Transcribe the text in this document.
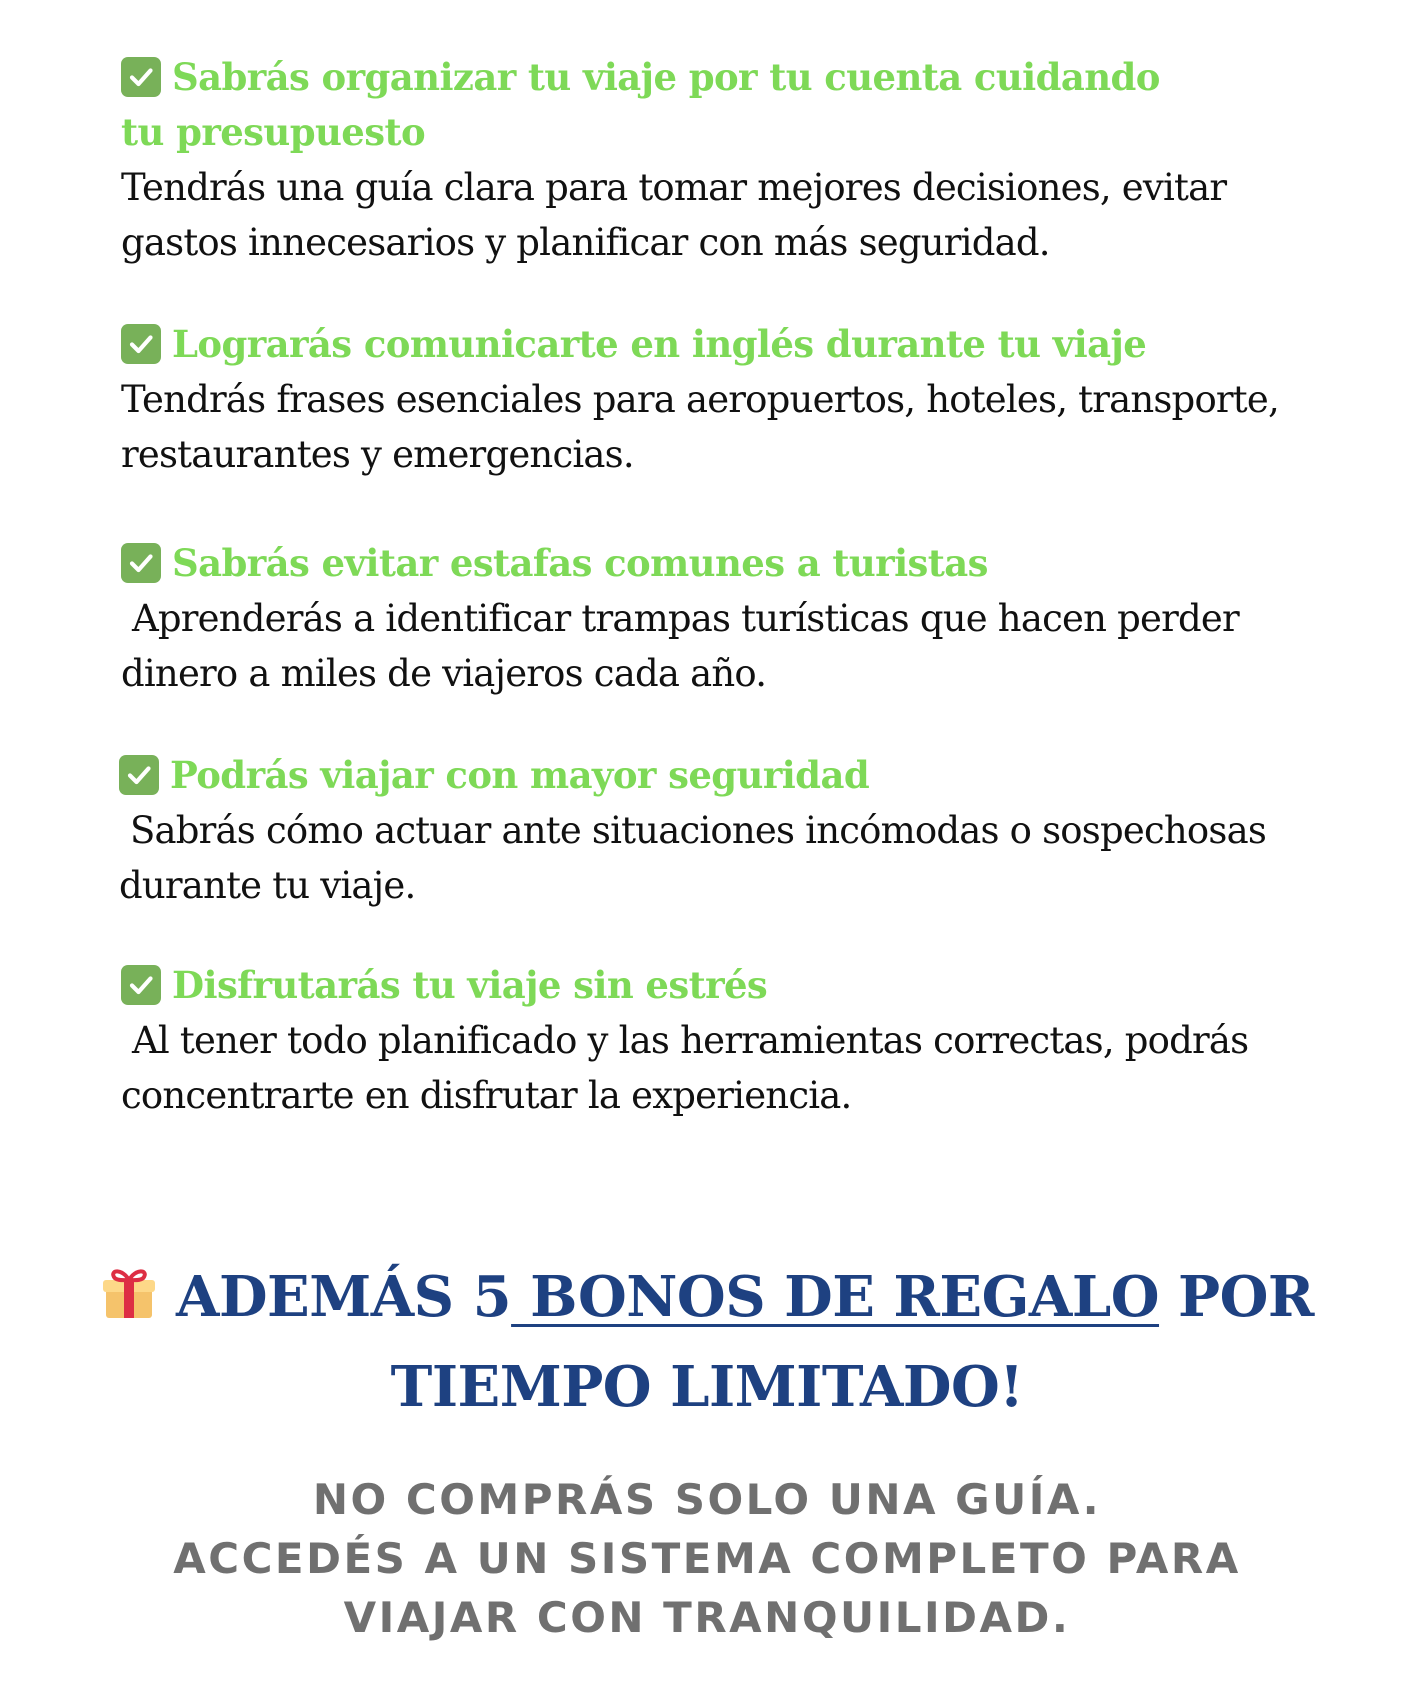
Sabrás organizar tu viaje por tu cuenta cuidando
tu presupuesto

Tendrás una guía clara para tomar mejores decisiones, evitar
gastos innecesarios y planificar con más seguridad.

Lograrás comunicarte en inglés durante tu viaje

Tendrás frases esenciales para aeropuertos, hoteles, transporte,
restaurantes y emergencias.

Sabrás evitar estafas comunes a turistas

Aprenderás a identificar trampas turísticas que hacen perder
dinero a miles de viajeros cada año.

Podrás viajar con mayor seguridad

Sabrás cómo actuar ante situaciones incómodas o sospechosas
durante tu viaje.

Disfrutarás tu viaje sin estrés

Al tener todo planificado y las herramientas correctas, podrás
concentrarte en disfrutar la experiencia.

ADEMÁS 5 BONOS DE REGALO POR
TIEMPO LIMITADO!
NO COMPRÁS SOLO UNA GUÍA.
ACCEDÉS A UN SISTEMA COMPLETO PARA
VIAJAR CON TRANQUILIDAD.
